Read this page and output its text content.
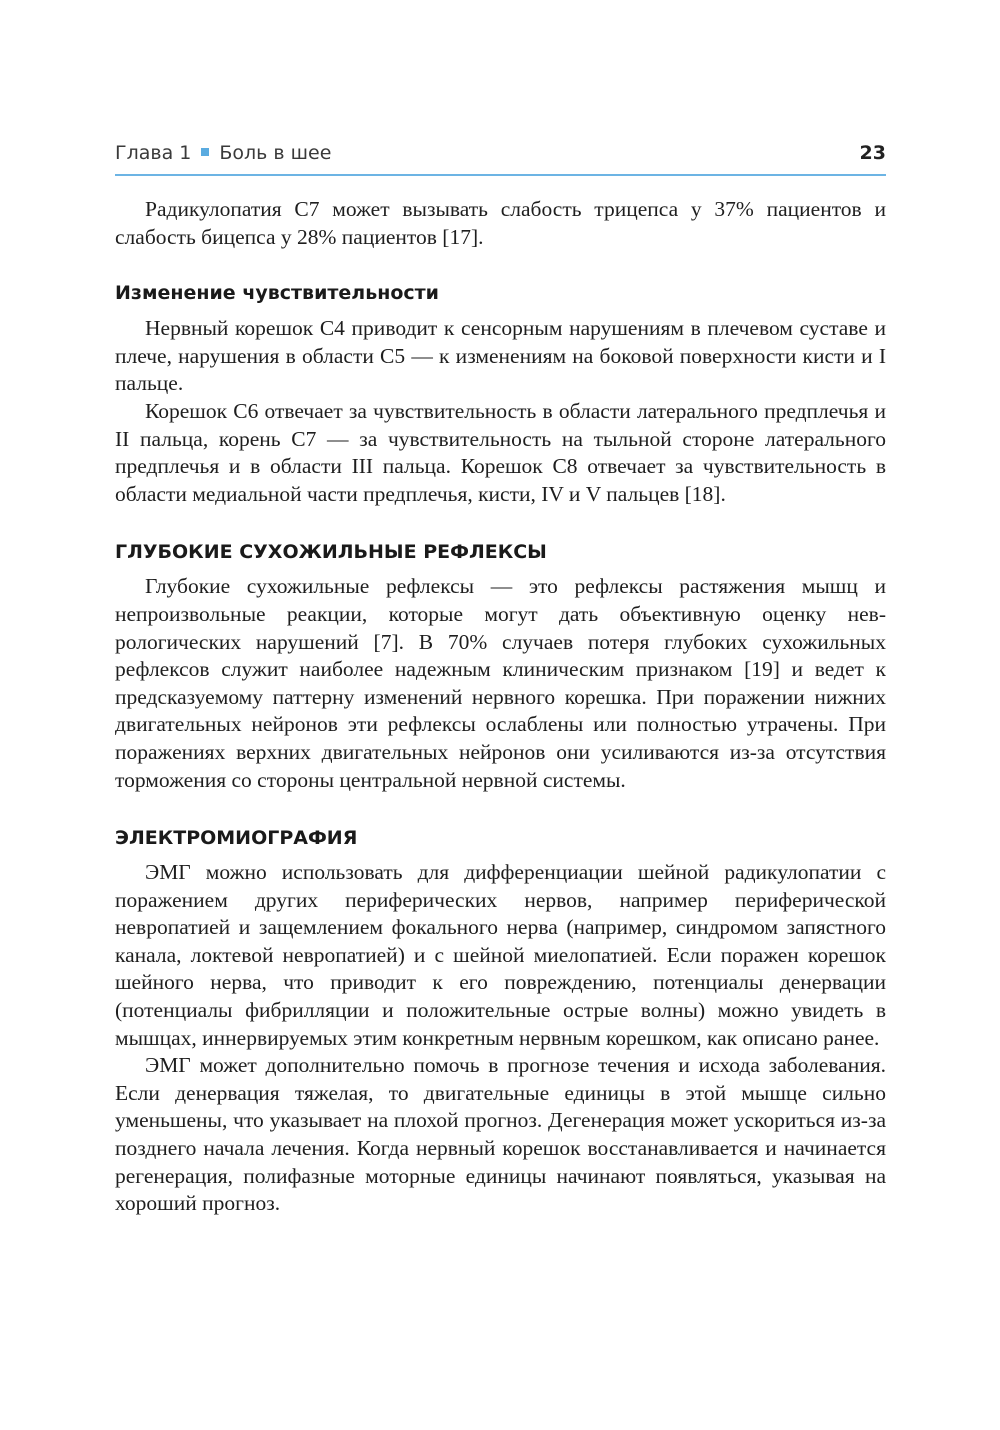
Глава 1 Боль в шее	23

Радикулопатия C7 может вызывать слабость трицепса у 37% пациентов и слабость бицепса у 28% пациентов [17].

Изменение чувствительности

Нервный корешок C4 приводит к сенсорным нарушениям в плечевом суставе и плече, нарушения в области C5 — к изменениям на боковой поверхности кисти и I пальце.

Корешок C6 отвечает за чувствительность в области латерального предплечья и II пальца, корень C7 — за чувствительность на тыльной стороне латерального предплечья и в области III пальца. Корешок C8 отвечает за чувствительность в области медиальной части предплечья, кисти, IV и V пальцев [18].

ГЛУБОКИЕ СУХОЖИЛЬНЫЕ РЕФЛЕКСЫ

Глубокие сухожильные рефлексы — это рефлексы растяжения мышц и непроизвольные реакции, которые могут дать объективную оценку неврологических нарушений [7]. В 70% случаев потеря глубоких сухожильных рефлексов служит наиболее надежным клиническим признаком [19] и ведет к предсказуемому паттерну изменений нервного корешка. При поражении нижних двигательных нейронов эти рефлексы ослаблены или полностью утрачены. При поражениях верхних двигательных нейронов они усиливаются из-за отсутствия торможения со стороны центральной нервной системы.

ЭЛЕКТРОМИОГРАФИЯ

ЭМГ можно использовать для дифференциации шейной радикулопатии с поражением других периферических нервов, например периферической невропатией и защемлением фокального нерва (например, синдромом запястного канала, локтевой невропатией) и с шейной миелопатией. Если поражен корешок шейного нерва, что приводит к его повреждению, потенциалы денервации (потенциалы фибрилляции и положительные острые волны) можно увидеть в мышцах, иннервируемых этим конкретным нервным корешком, как описано ранее.

ЭМГ может дополнительно помочь в прогнозе течения и исхода заболевания. Если денервация тяжелая, то двигательные единицы в этой мышце сильно уменьшены, что указывает на плохой прогноз. Дегенерация может ускориться из-за позднего начала лечения. Когда нервный корешок восстанавливается и начинается регенерация, полифазные моторные единицы начинают появляться, указывая на хороший прогноз.
